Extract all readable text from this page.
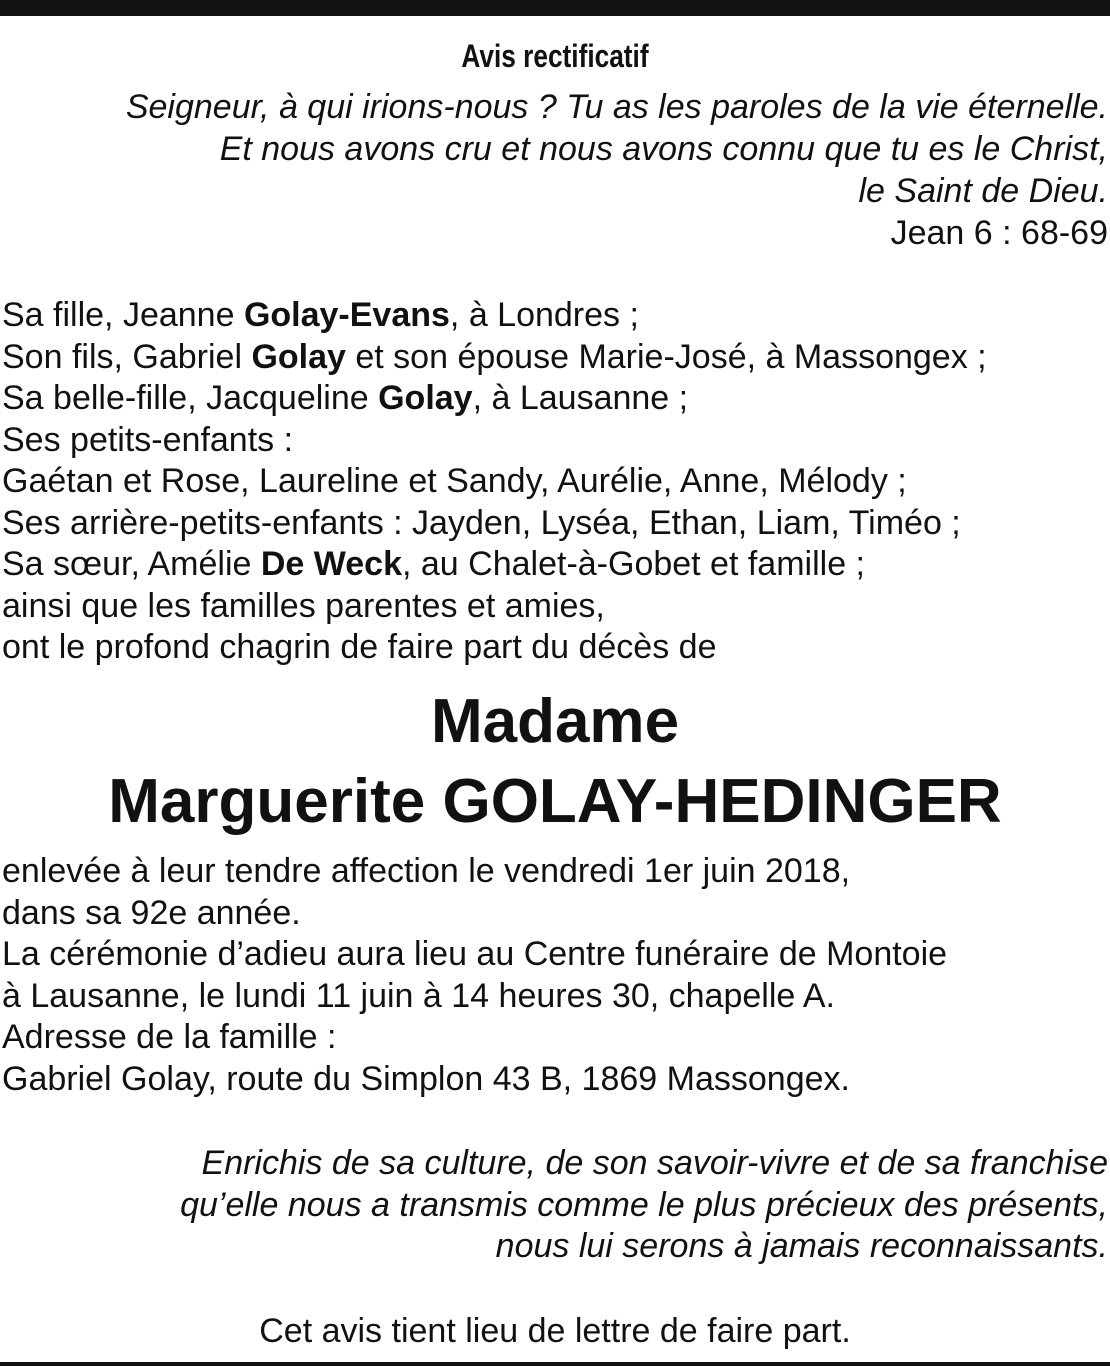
Avis rectificatif
Seigneur, à qui irions-nous ? Tu as les paroles de la vie éternelle.
Et nous avons cru et nous avons connu que tu es le Christ,
le Saint de Dieu.
Jean 6 : 68-69
Sa fille, Jeanne Golay-Evans, à Londres ;
Son fils, Gabriel Golay et son épouse Marie-José, à Massongex ;
Sa belle-fille, Jacqueline Golay, à Lausanne ;
Ses petits-enfants :
Gaétan et Rose, Laureline et Sandy, Aurélie, Anne, Mélody ;
Ses arrière-petits-enfants : Jayden, Lyséa, Ethan, Liam, Timéo ;
Sa sœur, Amélie De Weck, au Chalet-à-Gobet et famille ;
ainsi que les familles parentes et amies,
ont le profond chagrin de faire part du décès de
Madame
Marguerite GOLAY-HEDINGER
enlevée à leur tendre affection le vendredi 1er juin 2018,
dans sa 92e année.
La cérémonie d’adieu aura lieu au Centre funéraire de Montoie
à Lausanne, le lundi 11 juin à 14 heures 30, chapelle A.
Adresse de la famille :
Gabriel Golay, route du Simplon 43 B, 1869 Massongex.
Enrichis de sa culture, de son savoir-vivre et de sa franchise
qu’elle nous a transmis comme le plus précieux des présents,
nous lui serons à jamais reconnaissants.
Cet avis tient lieu de lettre de faire part.
